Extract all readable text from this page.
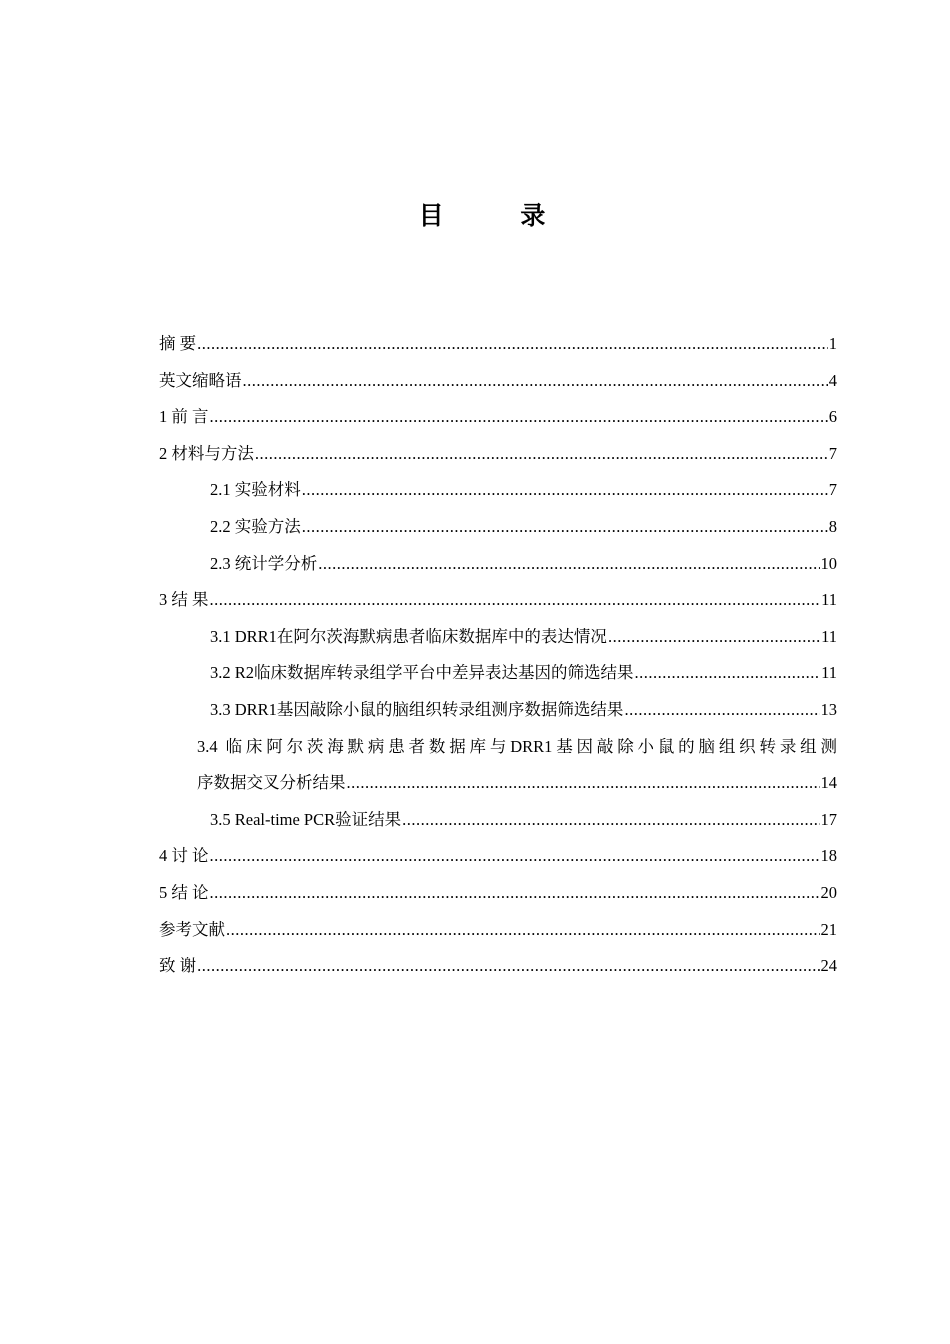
目 录
摘 要 .....	1
英文缩略语 .....	4
1 前 言 .....	6
2 材料与方法 .....	7
2.1 实验材料 .....	7
2.2 实验方法 .....	8
2.3 统计学分析 .....	10
3 结 果 .....	11
3.1 DRR1在阿尔茨海默病患者临床数据库中的表达情况 .....	11
3.2 R2临床数据库转录组学平台中差异表达基因的筛选结果 .....	11
3.3 DRR1基因敲除小鼠的脑组织转录组测序数据筛选结果 .....	13
3.4 临床阿尔茨海默病患者数据库与DRR1基因敲除小鼠的脑组织转录组测
序数据交叉分析结果 .....	14
3.5 Real-time PCR验证结果 .....	17
4 讨 论 .....	18
5 结 论 .....	20
参考文献 .....	21
致 谢 .....	24
